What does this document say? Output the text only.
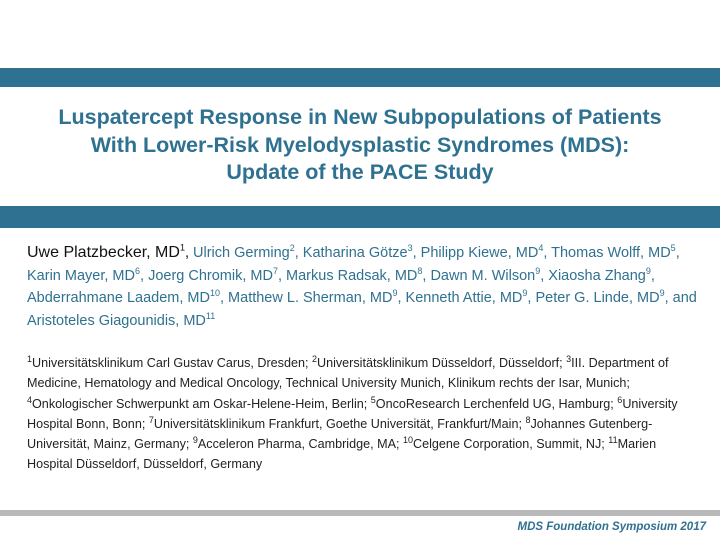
Luspatercept Response in New Subpopulations of Patients
With Lower-Risk Myelodysplastic Syndromes (MDS):
Update of the PACE Study
Uwe Platzbecker, $MD^1$, Ulrich Germing$^2$, Katharina Götze$^3$, Philipp Kiewe, $MD^4$, Thomas Wolff, $MD^5$, Karin Mayer, $MD^6$, Joerg Chromik, $MD^7$, Markus Radsak, $MD^8$, Dawn M. Wilson$^9$, Xiaosha Zhang$^9$, Abderrahmane Laadem, MD$^{10}$, Matthew L. Sherman, $MD^9$, Kenneth Attie, $MD^9$, Peter G. Linde, $MD^9$, and Aristoteles Giagounidis, MD$^{11}$
$^1$Universitätsklinikum Carl Gustav Carus, Dresden; $^2$Universitätsklinikum Düsseldorf, Düsseldorf; $^3$III. Department of Medicine, Hematology and Medical Oncology, Technical University Munich, Klinikum rechts der Isar, Munich; $^4$Onkologischer Schwerpunkt am Oskar-Helene-Heim, Berlin; $^5$OncoResearch Lerchenfeld UG, Hamburg; $^6$University Hospital Bonn, Bonn; $^7$Universitätsklinikum Frankfurt, Goethe Universität, Frankfurt/Main; $^8$Johannes Gutenberg-Universität, Mainz, Germany; $^9$Acceleron Pharma, Cambridge, MA; $^{10}$Celgene Corporation, Summit, NJ; $^{11}$Marien Hospital Düsseldorf, Düsseldorf, Germany
MDS Foundation Symposium 2017
